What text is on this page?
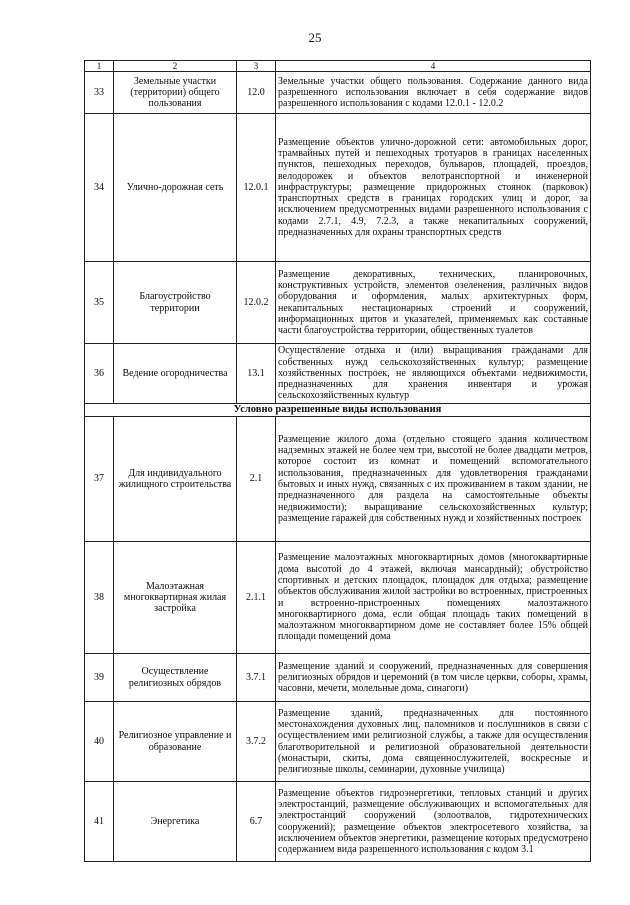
25
1	2	3	4
33	Земельные участки (территории) общего пользования	12.0	Земельные участки общего пользования. Содержание данного вида разрешенного использования включает в себя содержание видов разрешенного использования с кодами 12.0.1 - 12.0.2
34	Улично-дорожная сеть	12.0.1	Размещение объектов улично-дорожной сети: автомобильных дорог, трамвайных путей и пешеходных тротуаров в границах населенных пунктов, пешеходных переходов, бульваров, площадей, проездов, велодорожек и объектов велотранспортной и инженерной инфраструктуры; размещение придорожных стоянок (парковок) транспортных средств в границах городских улиц и дорог, за исключением предусмотренных видами разрешенного использования с кодами 2.7.1, 4.9, 7.2.3, а также некапитальных сооружений, предназначенных для охраны транспортных средств
35	Благоустройство территории	12.0.2	Размещение декоративных, технических, планировочных, конструктивных устройств, элементов озеленения, различных видов оборудования и оформления, малых архитектурных форм, некапитальных нестационарных строений и сооружений, информационных щитов и указателей, применяемых как составные части благоустройства территории, общественных туалетов
36	Ведение огородничества	13.1	Осуществление отдыха и (или) выращивания гражданами для собственных нужд сельскохозяйственных культур; размещение хозяйственных построек, не являющихся объектами недвижимости, предназначенных для хранения инвентаря и урожая сельскохозяйственных культур
Условно разрешенные виды использования			
37	Для индивидуального жилищного строительства	2.1	Размещение жилого дома (отдельно стоящего здания количеством надземных этажей не более чем три, высотой не более двадцати метров, которое состоит из комнат и помещений вспомогательного использования, предназначенных для удовлетворения гражданами бытовых и иных нужд, связанных с их проживанием в таком здании, не предназначенного для раздела на самостоятельные объекты недвижимости); выращивание сельскохозяйственных культур; размещение гаражей для собственных нужд и хозяйственных построек
38	Малоэтажная многоквартирная жилая застройка	2.1.1	Размещение малоэтажных многоквартирных домов (многоквартирные дома высотой до 4 этажей, включая мансардный); обустройство спортивных и детских площадок, площадок для отдыха; размещение объектов обслуживания жилой застройки во встроенных, пристроенных и встроенно-пристроенных помещениях малоэтажного многоквартирного дома, если общая площадь таких помещений в малоэтажном многоквартирном доме не составляет более 15% общей площади помещений дома
39	Осуществление религиозных обрядов	3.7.1	Размещение зданий и сооружений, предназначенных для совершения религиозных обрядов и церемоний (в том числе церкви, соборы, храмы, часовни, мечети, молельные дома, синагоги)
40	Религиозное управление и образование	3.7.2	Размещение зданий, предназначенных для постоянного местонахождения духовных лиц, паломников и послушников в связи с осуществлением ими религиозной службы, а также для осуществления благотворительной и религиозной образовательной деятельности (монастыри, скиты, дома священнослужителей, воскресные и религиозные школы, семинарии, духовные училища)
41	Энергетика	6.7	Размещение объектов гидроэнергетики, тепловых станций и других электростанций, размещение обслуживающих и вспомогательных для электростанций сооружений (золоотвалов, гидротехнических сооружений); размещение объектов электросетевого хозяйства, за исключением объектов энергетики, размещение которых предусмотрено содержанием вида разрешенного использования с кодом 3.1
